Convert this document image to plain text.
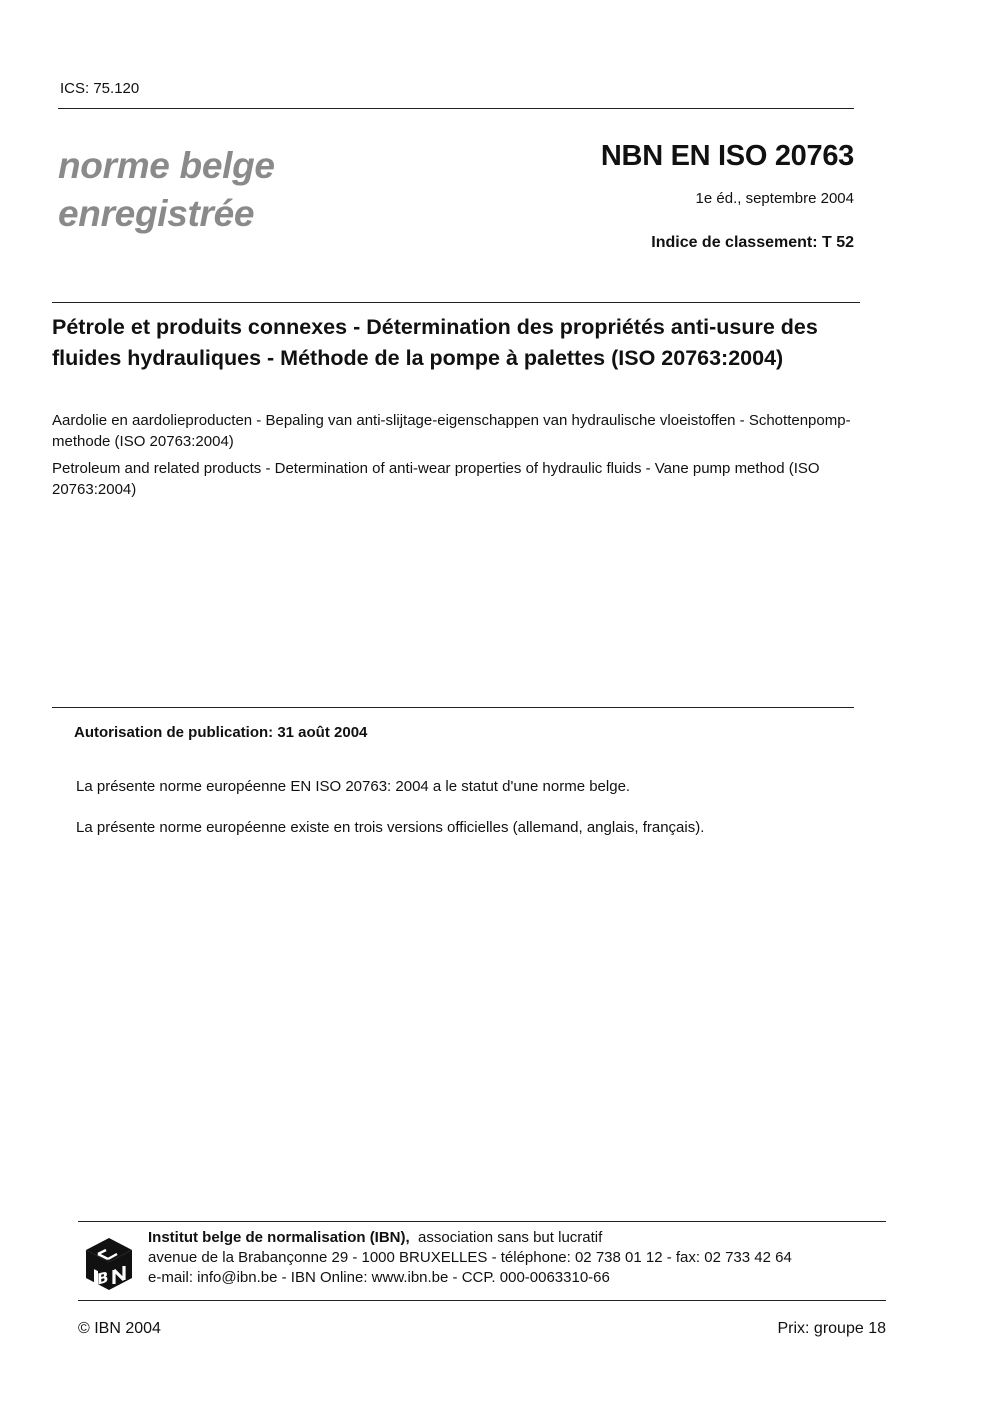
ICS: 75.120
norme belge
enregistrée
NBN EN ISO 20763
1e éd., septembre 2004
Indice de classement: T 52
Pétrole et produits connexes - Détermination des propriétés anti-usure des fluides hydrauliques - Méthode de la pompe à palettes (ISO 20763:2004)
Aardolie en aardolieproducten - Bepaling van anti-slijtage-eigenschappen van hydraulische vloeistoffen - Schottenpomp-methode (ISO 20763:2004)
Petroleum and related products - Determination of anti-wear properties of hydraulic fluids - Vane pump method (ISO 20763:2004)
Autorisation de publication: 31 août 2004
La présente norme européenne EN ISO 20763: 2004 a le statut d'une norme belge.
La présente norme européenne existe en trois versions officielles (allemand, anglais, français).
B
Institut belge de normalisation (IBN), association sans but lucratif
avenue de la Brabançonne 29 - 1000 BRUXELLES - téléphone: 02 738 01 12 - fax: 02 733 42 64
e-mail: info@ibn.be - IBN Online: www.ibn.be - CCP. 000-0063310-66
© IBN 2004	Prix: groupe 18
